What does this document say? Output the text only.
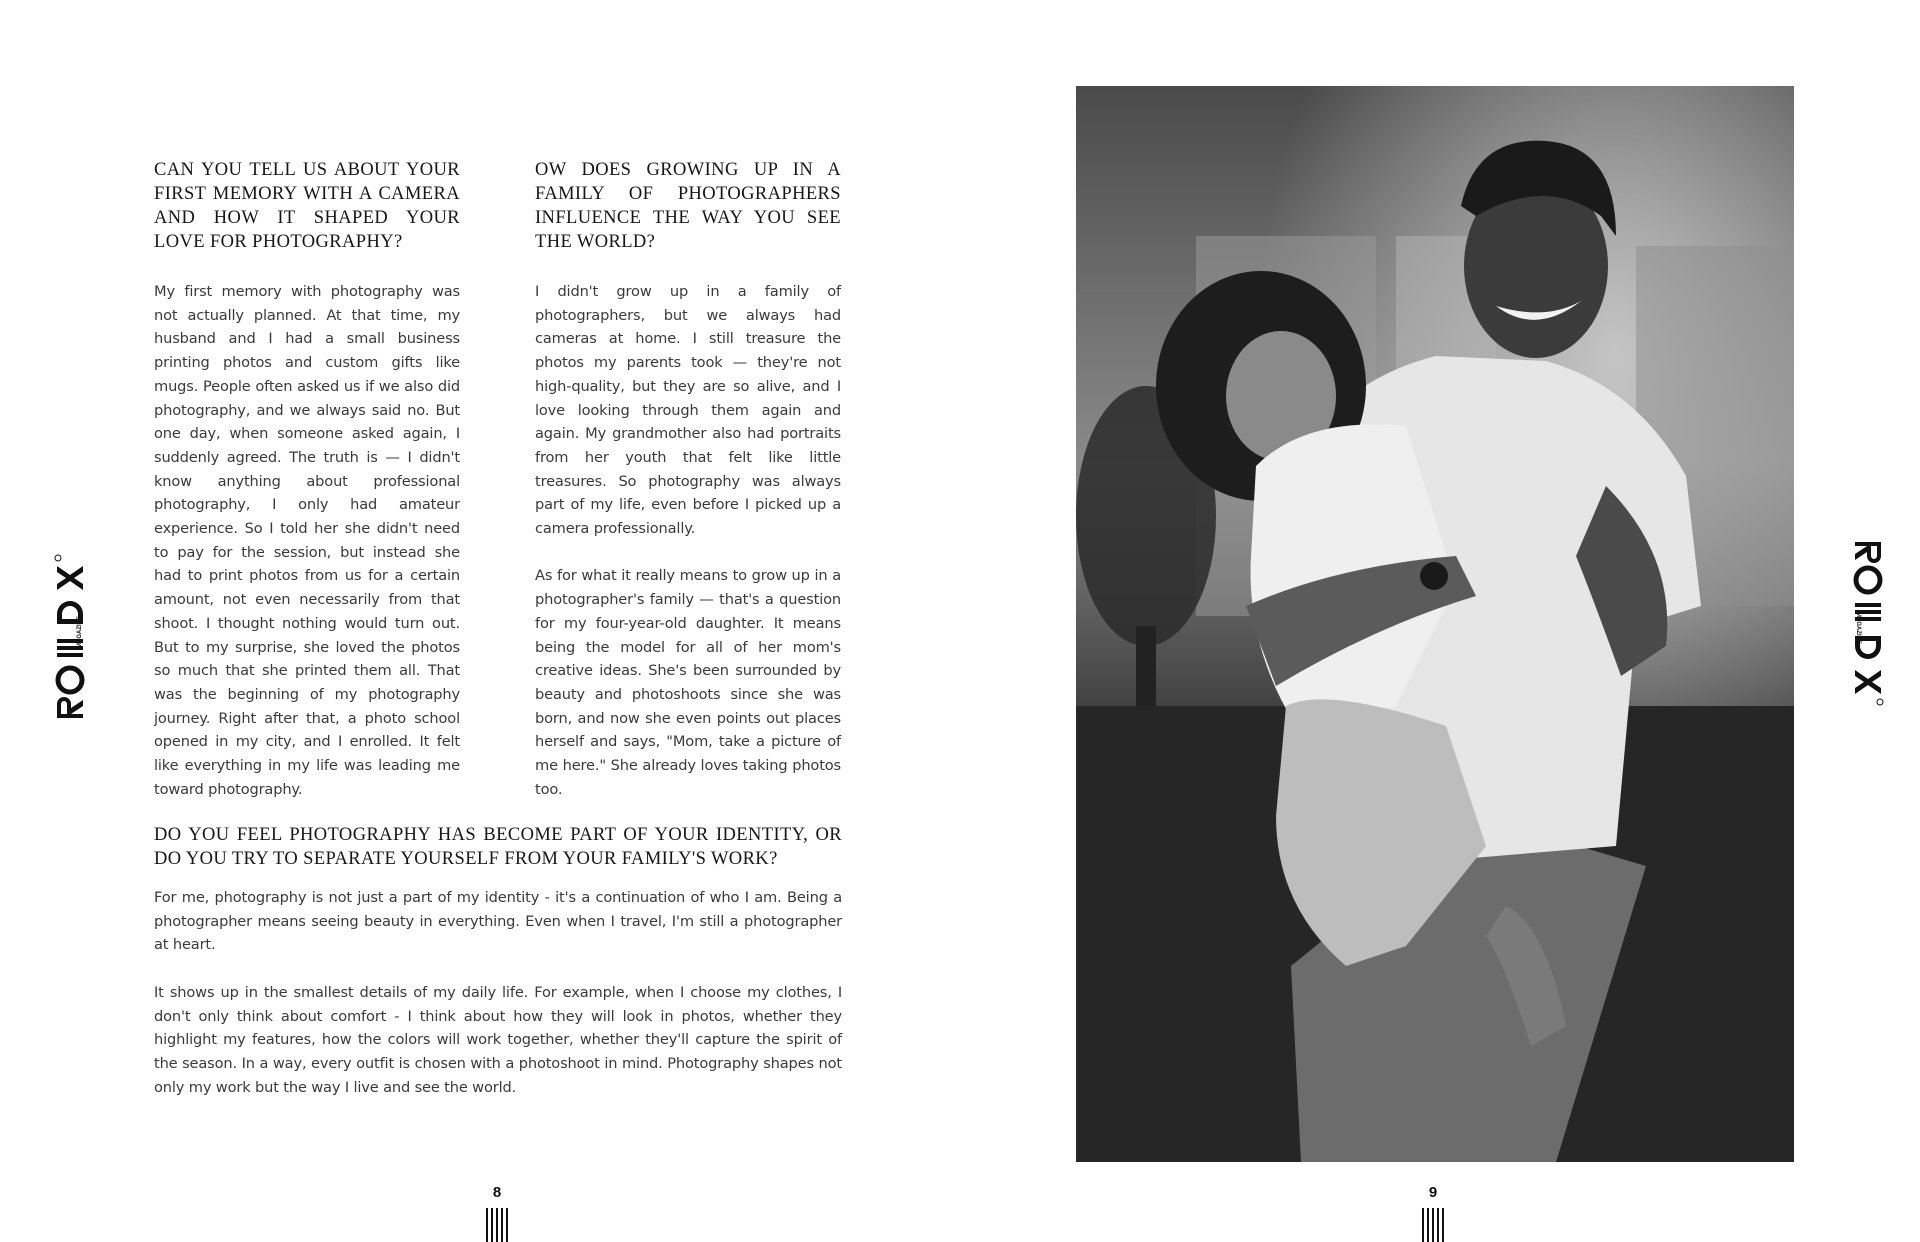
MAGAZINE
CAN YOU TELL US ABOUT YOUR FIRST MEMORY WITH A CAMERA AND HOW IT SHAPED YOUR LOVE FOR PHOTOGRAPHY?

My first memory with photography was not actually planned. At that time, my husband and I had a small business printing photos and custom gifts like mugs. People often asked us if we also did photography, and we always said no. But one day, when someone asked again, I suddenly agreed. The truth is — I didn't know anything about professional photography, I only had amateur experience. So I told her she didn't need to pay for the session, but instead she had to print photos from us for a certain amount, not even necessarily from that shoot. I thought nothing would turn out. But to my surprise, she loved the photos so much that she printed them all. That was the beginning of my photography journey. Right after that, a photo school opened in my city, and I enrolled. It felt like everything in my life was leading me toward photography.

OW DOES GROWING UP IN A FAMILY OF PHOTOGRAPHERS INFLUENCE THE WAY YOU SEE THE WORLD?

I didn't grow up in a family of photographers, but we always had cameras at home. I still treasure the photos my parents took — they're not high-quality, but they are so alive, and I love looking through them again and again. My grandmother also had portraits from her youth that felt like little treasures. So photography was always part of my life, even before I picked up a camera professionally.

As for what it really means to grow up in a photographer's family — that's a question for my four-year-old daughter. It means being the model for all of her mom's creative ideas. She's been surrounded by beauty and photoshoots since she was born, and now she even points out places herself and says, "Mom, take a picture of me here." She already loves taking photos too.

DO YOU FEEL PHOTOGRAPHY HAS BECOME PART OF YOUR IDENTITY, OR DO YOU TRY TO SEPARATE YOURSELF FROM YOUR FAMILY'S WORK?

For me, photography is not just a part of my identity - it's a continuation of who I am. Being a photographer means seeing beauty in everything. Even when I travel, I'm still a photographer at heart.

It shows up in the smallest details of my daily life. For example, when I choose my clothes, I don't only think about comfort - I think about how they will look in photos, whether they highlight my features, how the colors will work together, whether they'll capture the spirit of the season. In a way, every outfit is chosen with a photoshoot in mind. Photography shapes not only my work but the way I live and see the world.

8	9
MAGAZINE
